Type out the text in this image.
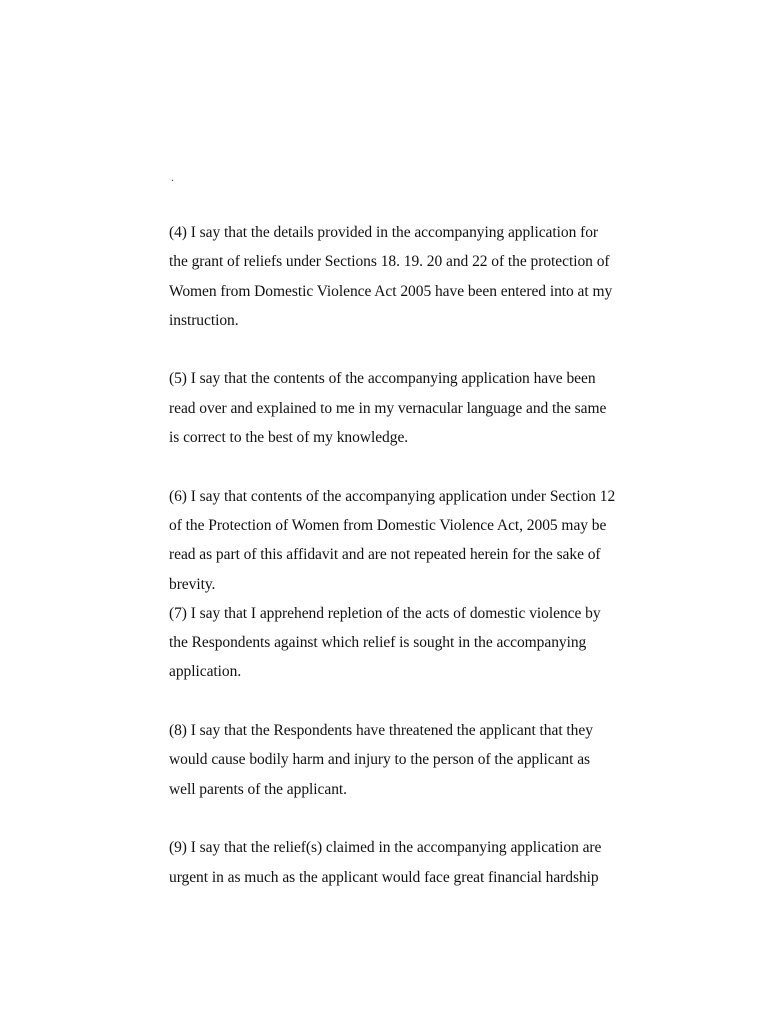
.
(4) I say that the details provided in the accompanying application for
the grant of reliefs under Sections 18. 19. 20 and 22 of the protection of
Women from Domestic Violence Act 2005 have been entered into at my
instruction.
(5) I say that the contents of the accompanying application have been
read over and explained to me in my vernacular language and the same
is correct to the best of my knowledge.
(6) I say that contents of the accompanying application under Section 12
of the Protection of Women from Domestic Violence Act, 2005 may be
read as part of this affidavit and are not repeated herein for the sake of
brevity.
(7) I say that I apprehend repletion of the acts of domestic violence by
the Respondents against which relief is sought in the accompanying
application.
(8) I say that the Respondents have threatened the applicant that they
would cause bodily harm and injury to the person of the applicant as
well parents of the applicant.
(9) I say that the relief(s) claimed in the accompanying application are
urgent in as much as the applicant would face great financial hardship
